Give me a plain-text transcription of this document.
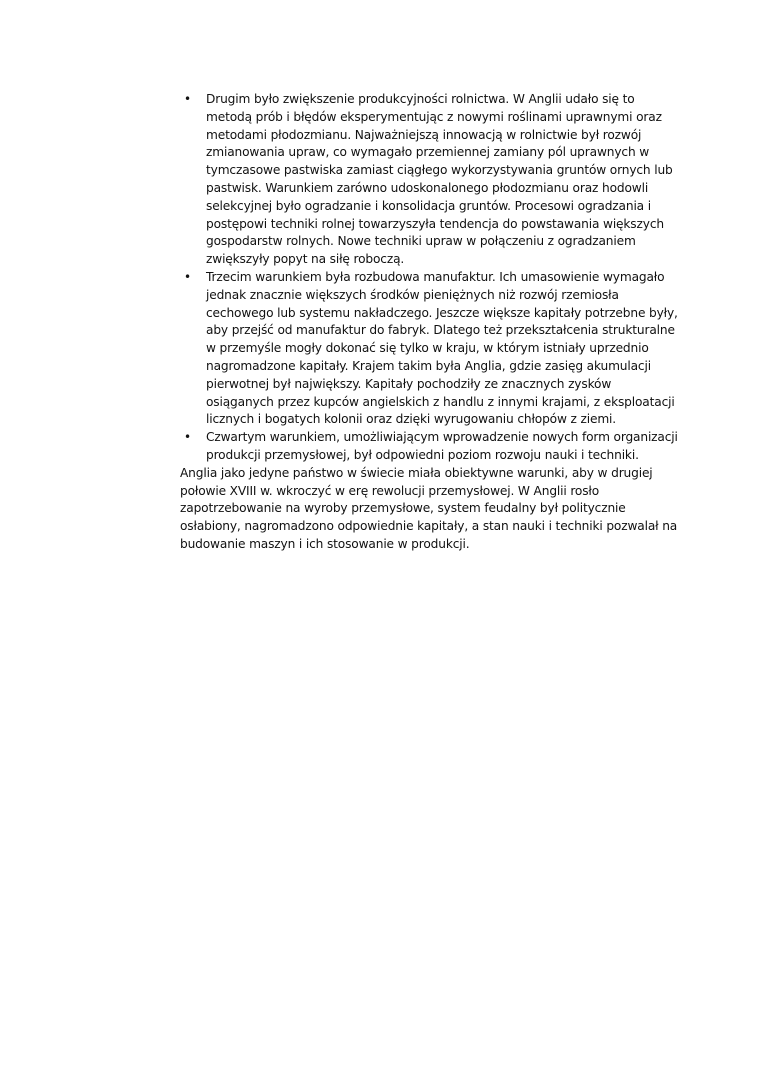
• Drugim było zwiększenie produkcyjności rolnictwa. W Anglii udało się to metodą prób i błędów eksperymentując z nowymi roślinami uprawnymi oraz metodami płodozmianu. Najważniejszą innowacją w rolnictwie był rozwój zmianowania upraw, co wymagało przemiennej zamiany pól uprawnych w tymczasowe pastwiska zamiast ciągłego wykorzystywania gruntów ornych lub pastwisk. Warunkiem zarówno udoskonalonego płodozmianu oraz hodowli selekcyjnej było ogradzanie i konsolidacja gruntów. Procesowi ogradzania i postępowi techniki rolnej towarzyszyła tendencja do powstawania większych gospodarstw rolnych. Nowe techniki upraw w połączeniu z ogradzaniem zwiększyły popyt na siłę roboczą.
• Trzecim warunkiem była rozbudowa manufaktur. Ich umasowienie wymagało jednak znacznie większych środków pieniężnych niż rozwój rzemiosła cechowego lub systemu nakładczego. Jeszcze większe kapitały potrzebne były, aby przejść od manufaktur do fabryk. Dlatego też przekształcenia strukturalne w przemyśle mogły dokonać się tylko w kraju, w którym istniały uprzednio nagromadzone kapitały. Krajem takim była Anglia, gdzie zasięg akumulacji pierwotnej był największy. Kapitały pochodziły ze znacznych zysków osiąganych przez kupców angielskich z handlu z innymi krajami, z eksploatacji licznych i bogatych kolonii oraz dzięki wyrugowaniu chłopów z ziemi.
• Czwartym warunkiem, umożliwiającym wprowadzenie nowych form organizacji produkcji przemysłowej, był odpowiedni poziom rozwoju nauki i techniki.

Anglia jako jedyne państwo w świecie miała obiektywne warunki, aby w drugiej połowie XVIII w. wkroczyć w erę rewolucji przemysłowej. W Anglii rosło zapotrzebowanie na wyroby przemysłowe, system feudalny był politycznie osłabiony, nagromadzono odpowiednie kapitały, a stan nauki i techniki pozwalał na budowanie maszyn i ich stosowanie w produkcji.
